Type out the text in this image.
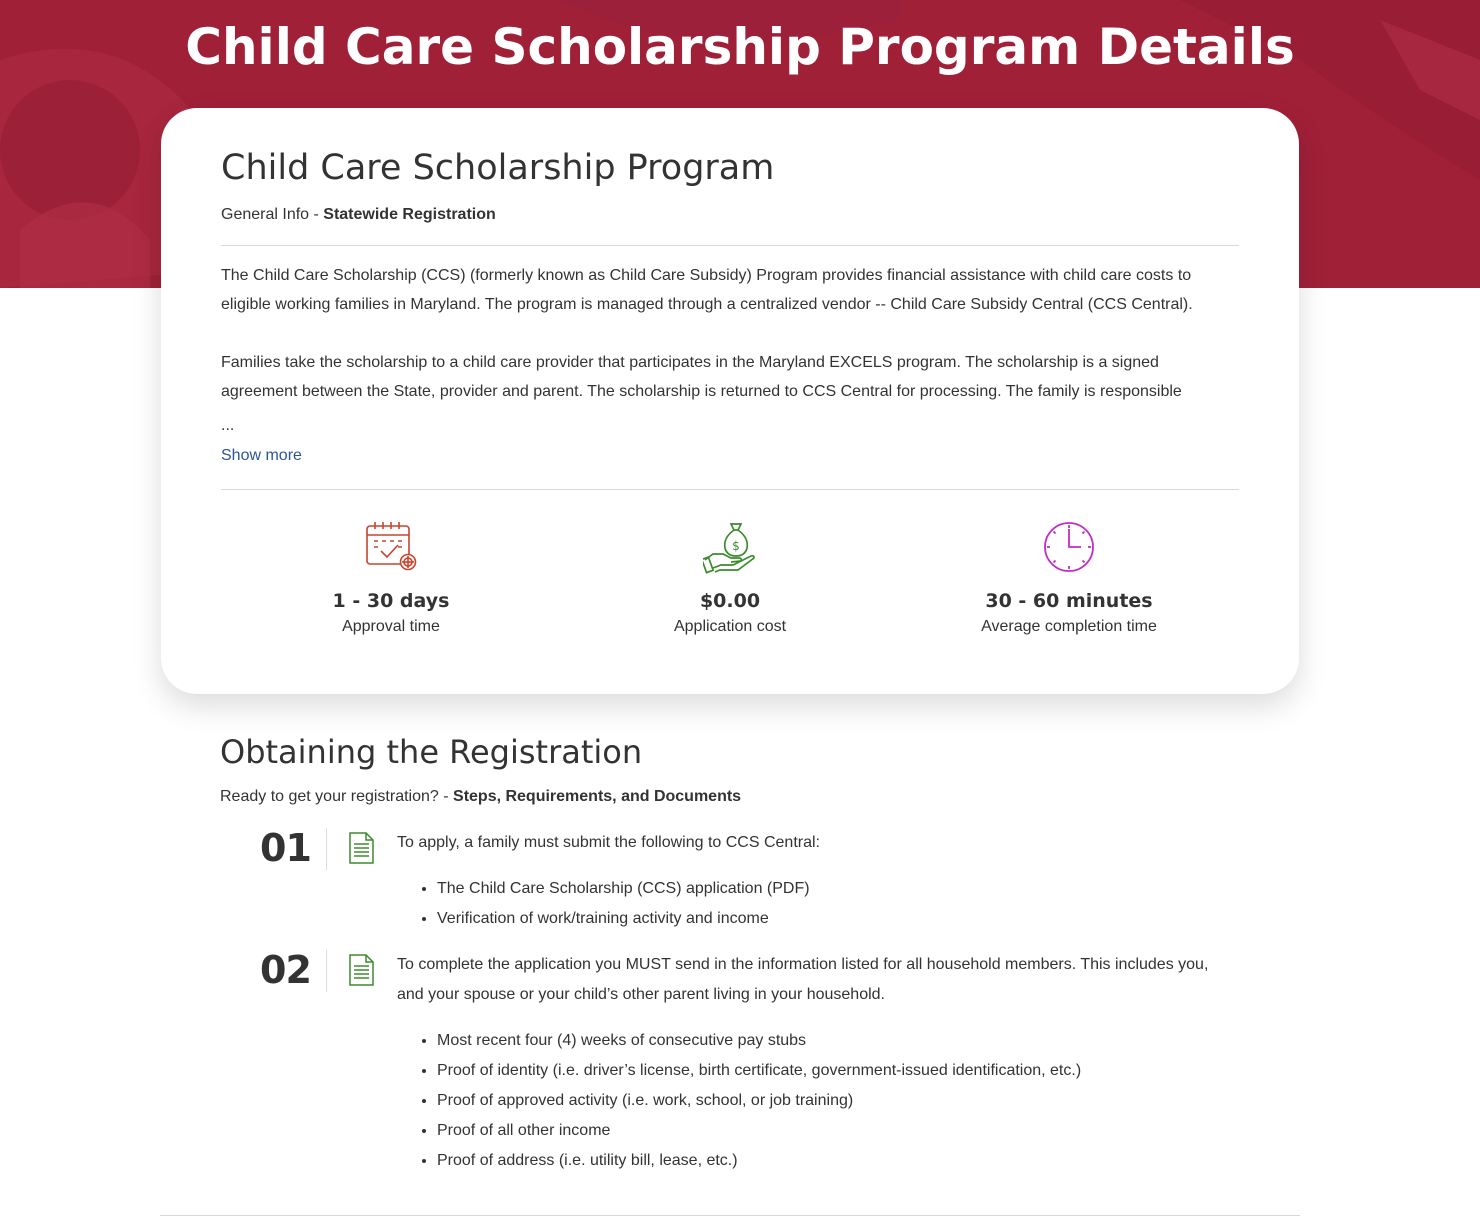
Child Care Scholarship Program Details
Child Care Scholarship Program
General Info - Statewide Registration

The Child Care Scholarship (CCS) (formerly known as Child Care Subsidy) Program provides financial assistance with child care costs to eligible working families in Maryland. The program is managed through a centralized vendor -- Child Care Subsidy Central (CCS Central).

Families take the scholarship to a child care provider that participates in the Maryland EXCELS program. The scholarship is a signed agreement between the State, provider and parent. The scholarship is returned to CCS Central for processing. The family is responsible

...
Show more
1 - 30 days
Approval time
$
$0.00
Application cost
30 - 60 minutes
Average completion time
Obtaining the Registration
Ready to get your registration? - Steps, Requirements, and Documents
01	To apply, a family must submit the following to CCS Central:
• The Child Care Scholarship (CCS) application (PDF)
• Verification of work/training activity and income
02	To complete the application you MUST send in the information listed for all household members. This includes you, and your spouse or your child’s other parent living in your household.
• Most recent four (4) weeks of consecutive pay stubs
• Proof of identity (i.e. driver’s license, birth certificate, government-issued identification, etc.)
• Proof of approved activity (i.e. work, school, or job training)
• Proof of all other income
• Proof of address (i.e. utility bill, lease, etc.)
